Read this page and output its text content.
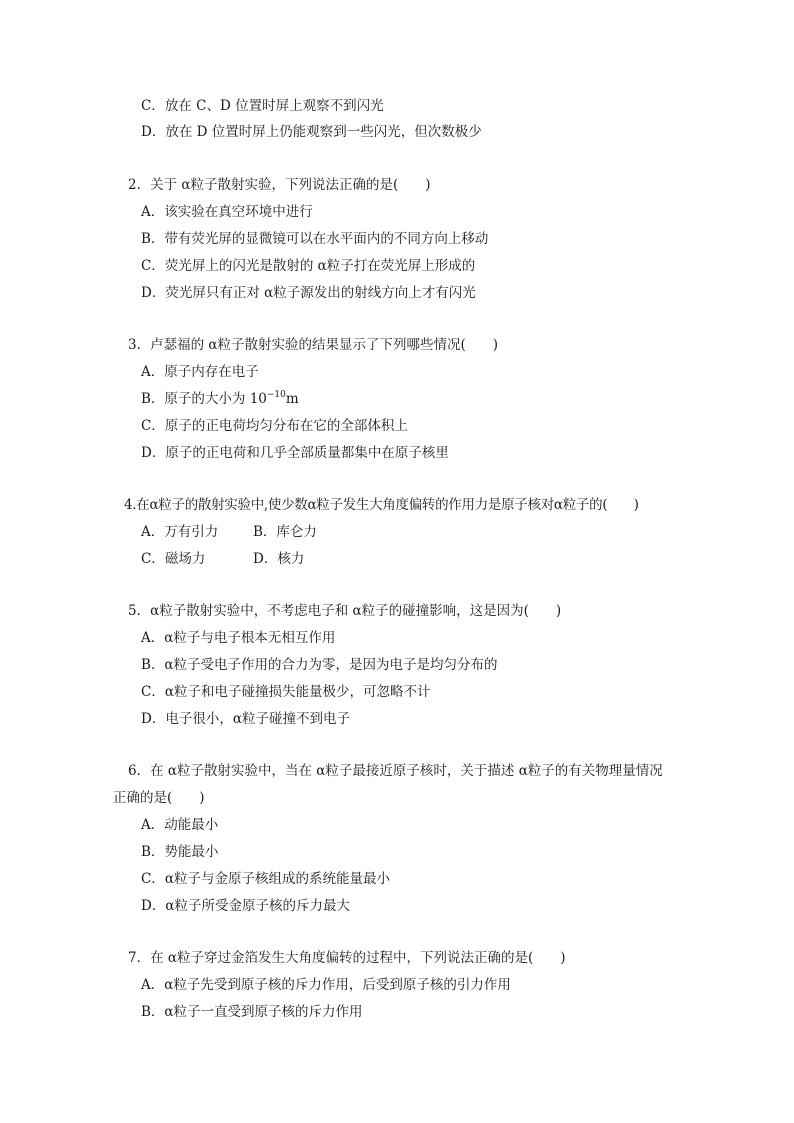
C．放在 C、D 位置时屏上观察不到闪光
D．放在 D 位置时屏上仍能观察到一些闪光，但次数极少
2．关于 α粒子散射实验，下列说法正确的是(　　)
A．该实验在真空环境中进行
B．带有荧光屏的显微镜可以在水平面内的不同方向上移动
C．荧光屏上的闪光是散射的 α粒子打在荧光屏上形成的
D．荧光屏只有正对 α粒子源发出的射线方向上才有闪光
3．卢瑟福的 α粒子散射实验的结果显示了下列哪些情况(　　)
A．原子内存在电子
B．原子的大小为 $10^{-10}m$
C．原子的正电荷均匀分布在它的全部体积上
D．原子的正电荷和几乎全部质量都集中在原子核里
4.在α粒子的散射实验中,使少数α粒子发生大角度偏转的作用力是原子核对α粒子的(　　)
A．万有引力	B．库仑力
C．磁场力	D．核力
5．α粒子散射实验中，不考虑电子和 α粒子的碰撞影响，这是因为(　　)
A．α粒子与电子根本无相互作用
B．α粒子受电子作用的合力为零，是因为电子是均匀分布的
C．α粒子和电子碰撞损失能量极少，可忽略不计
D．电子很小，α粒子碰撞不到电子
6．在 α粒子散射实验中，当在 α粒子最接近原子核时，关于描述 α粒子的有关物理量情况
正确的是(　　)
A．动能最小
B．势能最小
C．α粒子与金原子核组成的系统能量最小
D．α粒子所受金原子核的斥力最大
7．在 α粒子穿过金箔发生大角度偏转的过程中，下列说法正确的是(　　)
A．α粒子先受到原子核的斥力作用，后受到原子核的引力作用
B．α粒子一直受到原子核的斥力作用
